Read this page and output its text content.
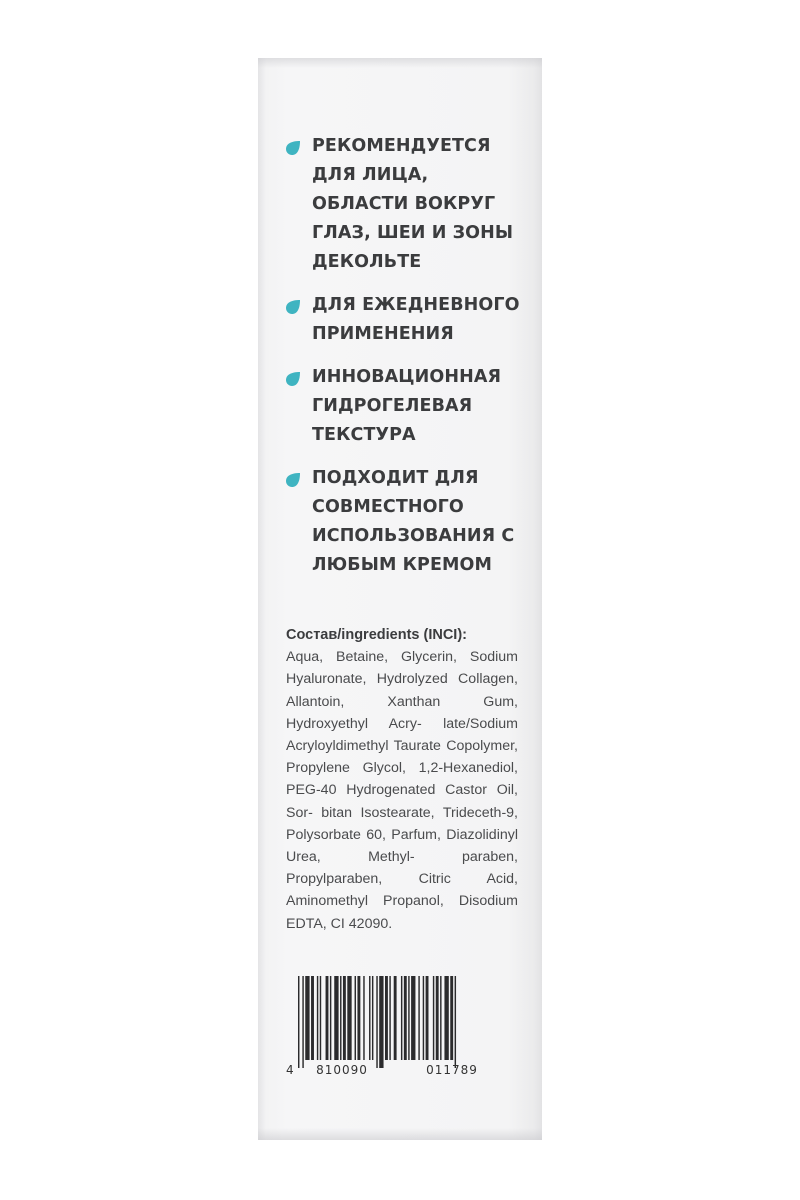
РЕКОМЕНДУЕТСЯ
ДЛЯ ЛИЦА,
ОБЛАСТИ ВОКРУГ
ГЛАЗ, ШЕИ И ЗОНЫ
ДЕКОЛЬТЕ
ДЛЯ ЕЖЕДНЕВНОГО
ПРИМЕНЕНИЯ
ИННОВАЦИОННАЯ
ГИДРОГЕЛЕВАЯ
ТЕКСТУРА
ПОДХОДИТ ДЛЯ
СОВМЕСТНОГО
ИСПОЛЬЗОВАНИЯ С
ЛЮБЫМ КРЕМОМ
Состав/ingredients (INCI):
Aqua, Betaine, Glycerin, Sodium Hyaluronate, Hydrolyzed Collagen, Allantoin, Xanthan Gum, Hydroxyethyl Acry- late/Sodium Acryloyldimethyl Taurate Copolymer, Propylene Glycol, 1,2-Hexanediol, PEG-40 Hydrogenated Castor Oil, Sor- bitan Isostearate, Trideceth-9, Polysorbate 60, Parfum, Diazolidinyl Urea, Methyl- paraben, Propylparaben, Citric Acid, Aminomethyl Propanol, Disodium EDTA, CI 42090.
4 810090	011789
